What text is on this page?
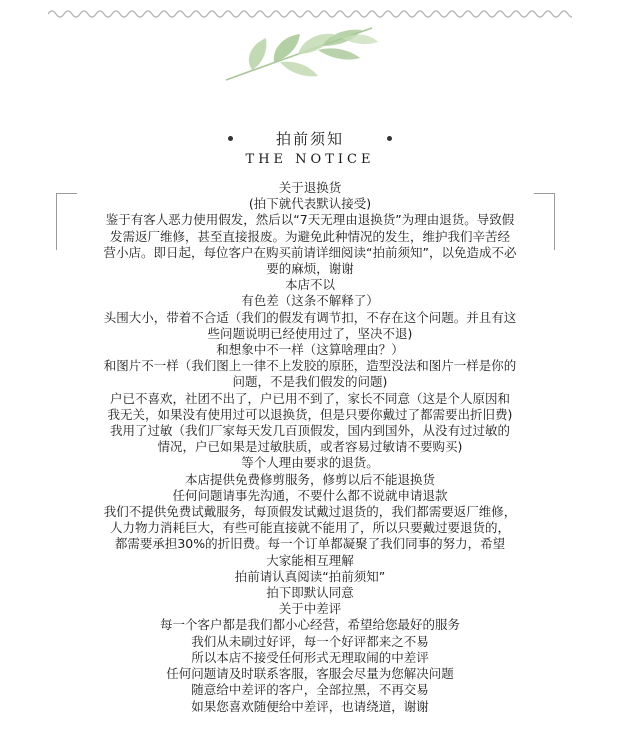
拍前须知
THE NOTICE
关于退换货
(拍下就代表默认接受)
鉴于有客人恶力使用假发，然后以“7天无理由退换货”为理由退货。导致假
发需返厂维修，甚至直接报废。为避免此种情况的发生，维护我们辛苦经
营小店。即日起，每位客户在购买前请详细阅读“拍前须知”，以免造成不必
要的麻烦，谢谢
本店不以
有色差（这条不解释了）
头围大小，带着不合适（我们的假发有调节扣，不存在这个问题。并且有这
些问题说明已经使用过了，坚决不退)
和想象中不一样（这算啥理由？）
和图片不一样（我们图上一律不上发胶的原胚，造型没法和图片一样是你的
问题，不是我们假发的问题)
户已不喜欢，社团不出了，户已用不到了，家长不同意（这是个人原因和
我无关，如果没有使用过可以退换货，但是只要你戴过了都需要出折旧费)
我用了过敏（我们厂家每天发几百顶假发，国内到国外，从没有过过敏的
情况，户已如果是过敏肤质，或者容易过敏请不要购买)
等个人理由要求的退货。
本店提供免费修剪服务，修剪以后不能退换货
任何问题请事先沟通，不要什么都不说就申请退款
我们不提供免费试戴服务，每顶假发试戴过退货的，我们都需要返厂维修，
人力物力消耗巨大，有些可能直接就不能用了，所以只要戴过要退货的，
都需要承担30%的折旧费。每一个订单都凝聚了我们同事的努力，希望
大家能相互理解
拍前请认真阅读“拍前须知”
拍下即默认同意
关于中差评
每一个客户都是我们都小心经营，希望给您最好的服务
我们从未刷过好评，每一个好评都来之不易
所以本店不接受任何形式无理取闹的中差评
任何问题请及时联系客服，客服会尽量为您解决问题
随意给中差评的客户，全部拉黑，不再交易
如果您喜欢随便给中差评，也请绕道，谢谢
